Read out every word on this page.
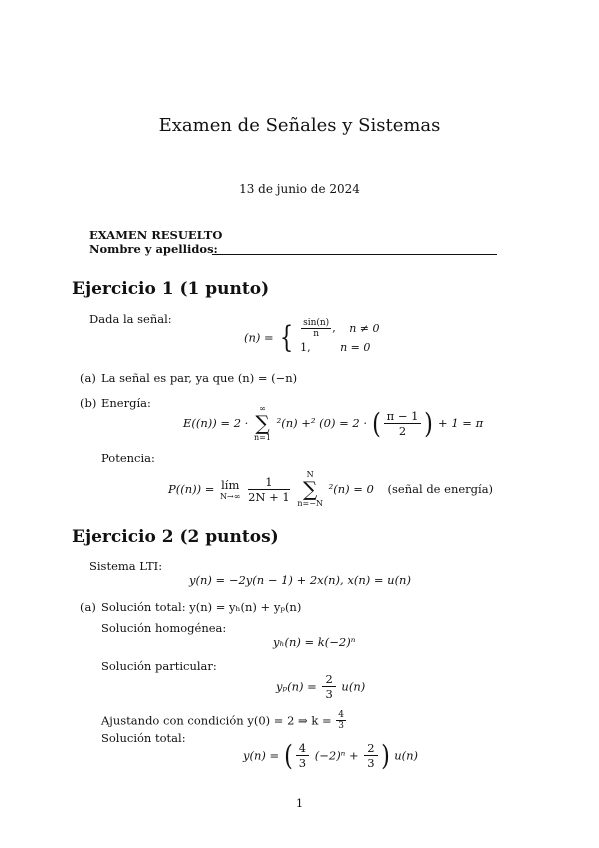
Examen de Señales y Sistemas
13 de junio de 2024
EXAMEN RESUELTO
Nombre y apellidos:
Ejercicio 1 (1 punto)
Dada la señal:
(n) = { $\frac{\sin(n)}{n}$ , n ≠ 0
1,	n = 0
(a) La señal es par, ya que (n) = (−n)
(b) Energía:
E((n)) = 2 ·
∞
∑
n=1
²(n) +² (0) = 2 · ( $\frac{\pi - 1}{2}$ ) + 1 = π
Potencia:
P((n)) = lím
N→∞
$\frac{1}{2N + 1}$
	N
∑
n=−N
²(n) = 0 (señal de energía)
Ejercicio 2 (2 puntos)
Sistema LTI:
y(n) = −2y(n − 1) + 2x(n), x(n) = u(n)
(a) Solución total: y(n) = yₕ(n) + yₚ(n)
Solución homogénea:
yₕ(n) = k(−2)ⁿ
Solución particular:
$y_p(n) = \frac{2}{3} u(n)$
Ajustando con condición y(0) = 2 ⇒ $k = \frac{4}{3}$
Solución total:
y(n) = ( $\frac{4}{3} (-2)^n + \frac{2}{3}$ ) u(n)
1
